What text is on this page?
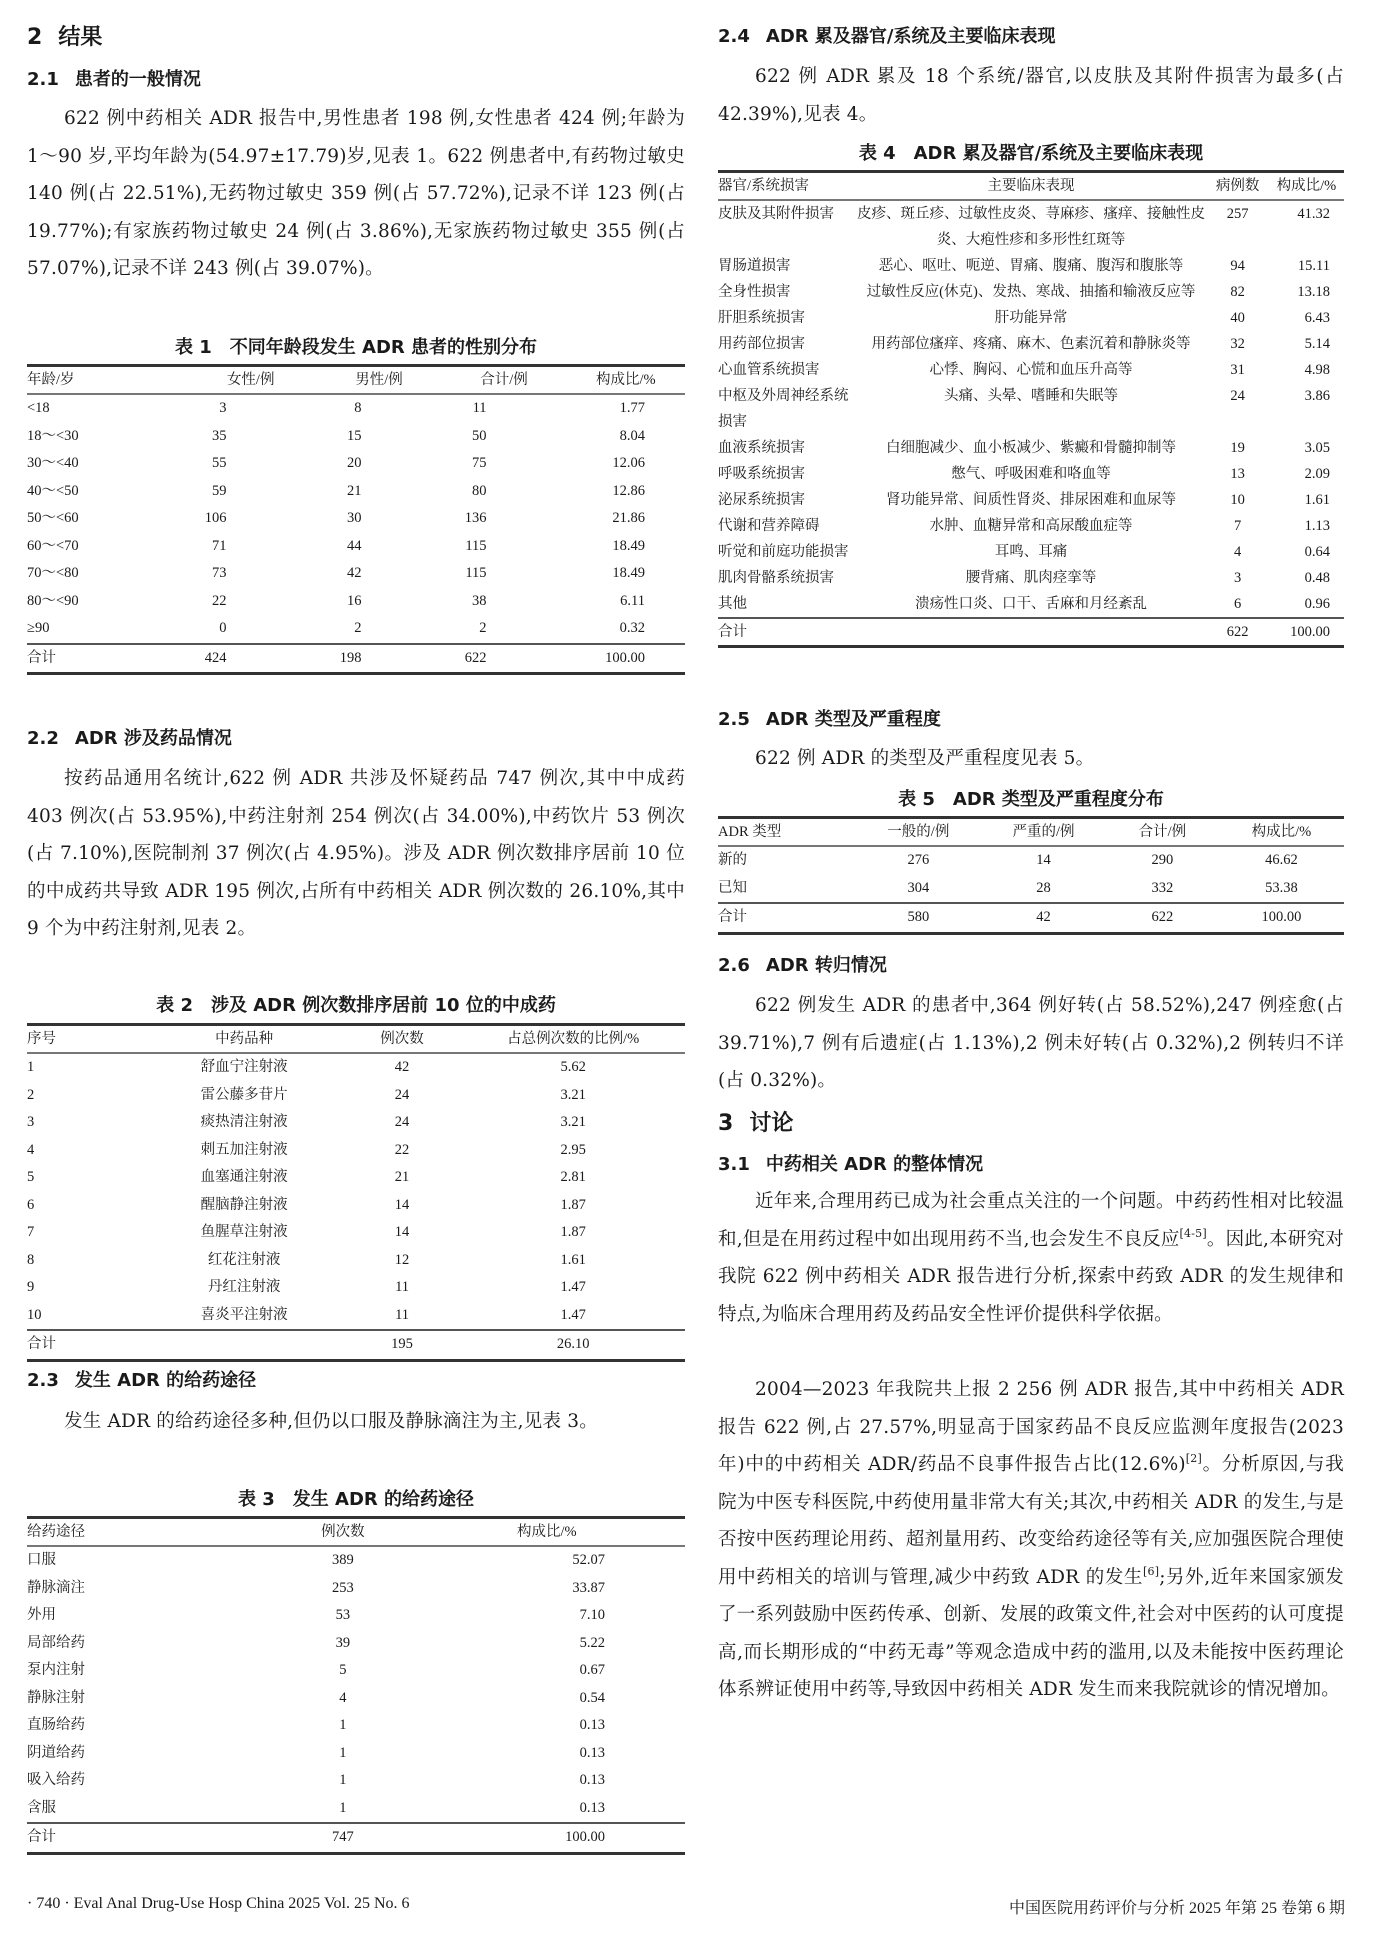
2 结果
2.1 患者的一般情况

622 例中药相关 ADR 报告中,男性患者 198 例,女性患者 424 例;年龄为 1～90 岁,平均年龄为(54.97±17.79)岁,见表 1。622 例患者中,有药物过敏史 140 例(占 22.51%),无药物过敏史 359 例(占 57.72%),记录不详 123 例(占 19.77%);有家族药物过敏史 24 例(占 3.86%),无家族药物过敏史 355 例(占 57.07%),记录不详 243 例(占 39.07%)。

表 1 不同年龄段发生 ADR 患者的性别分布
年龄/岁	女性/例	男性/例	合计/例	构成比/%
<18	3	8	11	1.77
18～<30	35	15	50	8.04
30～<40	55	20	75	12.06
40～<50	59	21	80	12.86
50～<60	106	30	136	21.86
60～<70	71	44	115	18.49
70～<80	73	42	115	18.49
80～<90	22	16	38	6.11
≥90	0	2	2	0.32
合计	424	198	622	100.00
2.2 ADR 涉及药品情况

按药品通用名统计,622 例 ADR 共涉及怀疑药品 747 例次,其中中成药 403 例次(占 53.95%),中药注射剂 254 例次(占 34.00%),中药饮片 53 例次(占 7.10%),医院制剂 37 例次(占 4.95%)。涉及 ADR 例次数排序居前 10 位的中成药共导致 ADR 195 例次,占所有中药相关 ADR 例次数的 26.10%,其中 9 个为中药注射剂,见表 2。

表 2 涉及 ADR 例次数排序居前 10 位的中成药
序号	中药品种	例次数	占总例次数的比例/%
1	舒血宁注射液	42	5.62
2	雷公藤多苷片	24	3.21
3	痰热清注射液	24	3.21
4	刺五加注射液	22	2.95
5	血塞通注射液	21	2.81
6	醒脑静注射液	14	1.87
7	鱼腥草注射液	14	1.87
8	红花注射液	12	1.61
9	丹红注射液	11	1.47
10	喜炎平注射液	11	1.47
合计		195	26.10
2.3 发生 ADR 的给药途径

发生 ADR 的给药途径多种,但仍以口服及静脉滴注为主,见表 3。

表 3 发生 ADR 的给药途径
给药途径	例次数	构成比/%
口服	389	52.07
静脉滴注	253	33.87
外用	53	7.10
局部给药	39	5.22
泵内注射	5	0.67
静脉注射	4	0.54
直肠给药	1	0.13
阴道给药	1	0.13
吸入给药	1	0.13
含服	1	0.13
合计	747	100.00
2.4 ADR 累及器官/系统及主要临床表现

622 例 ADR 累及 18 个系统/器官,以皮肤及其附件损害为最多(占 42.39%),见表 4。

表 4 ADR 累及器官/系统及主要临床表现
器官/系统损害	主要临床表现	病例数	构成比/%
皮肤及其附件损害	皮疹、斑丘疹、过敏性皮炎、荨麻疹、瘙痒、接触性皮炎、大疱性疹和多形性红斑等	257	41.32
胃肠道损害	恶心、呕吐、呃逆、胃痛、腹痛、腹泻和腹胀等	94	15.11
全身性损害	过敏性反应(休克)、发热、寒战、抽搐和输液反应等	82	13.18
肝胆系统损害	肝功能异常	40	6.43
用药部位损害	用药部位瘙痒、疼痛、麻木、色素沉着和静脉炎等	32	5.14
心血管系统损害	心悸、胸闷、心慌和血压升高等	31	4.98
中枢及外周神经系统损害	头痛、头晕、嗜睡和失眠等	24	3.86
血液系统损害	白细胞减少、血小板减少、紫癜和骨髓抑制等	19	3.05
呼吸系统损害	憋气、呼吸困难和咯血等	13	2.09
泌尿系统损害	肾功能异常、间质性肾炎、排尿困难和血尿等	10	1.61
代谢和营养障碍	水肿、血糖异常和高尿酸血症等	7	1.13
听觉和前庭功能损害	耳鸣、耳痛	4	0.64
肌肉骨骼系统损害	腰背痛、肌肉痉挛等	3	0.48
其他	溃疡性口炎、口干、舌麻和月经紊乱	6	0.96
合计		622	100.00
2.5 ADR 类型及严重程度

622 例 ADR 的类型及严重程度见表 5。

表 5 ADR 类型及严重程度分布
ADR 类型	一般的/例	严重的/例	合计/例	构成比/%
新的	276	14	290	46.62
已知	304	28	332	53.38
合计	580	42	622	100.00
2.6 ADR 转归情况

622 例发生 ADR 的患者中,364 例好转(占 58.52%),247 例痊愈(占 39.71%),7 例有后遗症(占 1.13%),2 例未好转(占 0.32%),2 例转归不详(占 0.32%)。

3 讨论
3.1 中药相关 ADR 的整体情况

近年来,合理用药已成为社会重点关注的一个问题。中药药性相对比较温和,但是在用药过程中如出现用药不当,也会发生不良反应[4-5]。因此,本研究对我院 622 例中药相关 ADR 报告进行分析,探索中药致 ADR 的发生规律和特点,为临床合理用药及药品安全性评价提供科学依据。

2004—2023 年我院共上报 2 256 例 ADR 报告,其中中药相关 ADR 报告 622 例,占 27.57%,明显高于国家药品不良反应监测年度报告(2023 年)中的中药相关 ADR/药品不良事件报告占比(12.6%)[2]。分析原因,与我院为中医专科医院,中药使用量非常大有关;其次,中药相关 ADR 的发生,与是否按中医药理论用药、超剂量用药、改变给药途径等有关,应加强医院合理使用中药相关的培训与管理,减少中药致 ADR 的发生[6];另外,近年来国家颁发了一系列鼓励中医药传承、创新、发展的政策文件,社会对中医药的认可度提高,而长期形成的“中药无毒”等观念造成中药的滥用,以及未能按中医药理论体系辨证使用中药等,导致因中药相关 ADR 发生而来我院就诊的情况增加。

· 740 · Eval Anal Drug-Use Hosp China 2025 Vol. 25 No. 6	中国医院用药评价与分析 2025 年第 25 卷第 6 期
